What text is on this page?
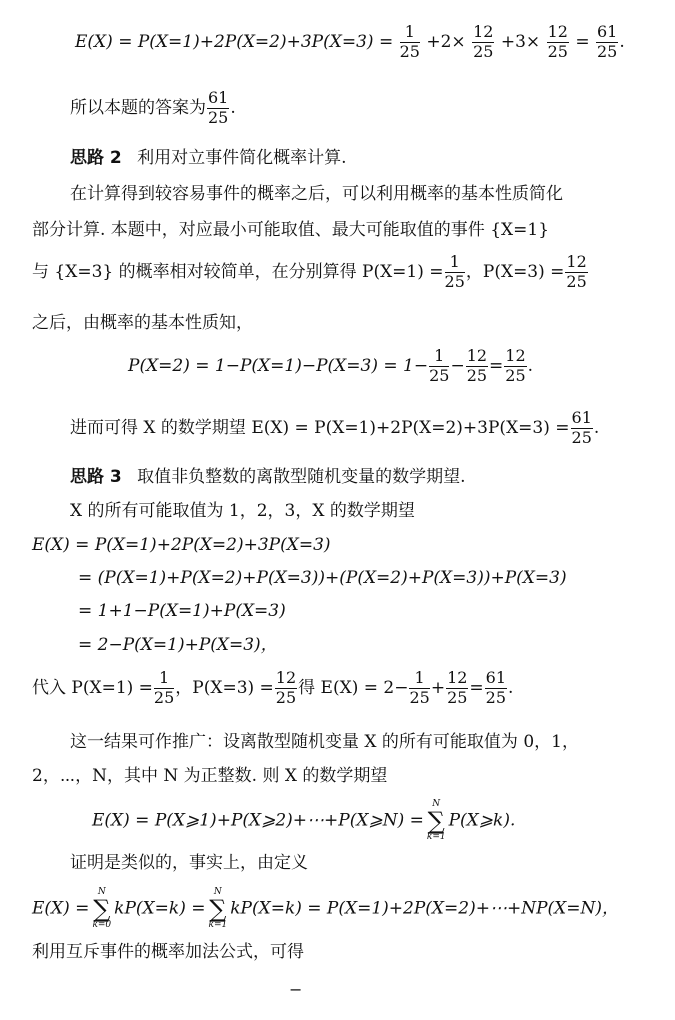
$E(X) = P(X=1)+2P(X=2)+3P(X=3) = \frac{1}{25} +2\times \frac{12}{25} +3\times \frac{12}{25} = \frac{61}{25}$ .
所以本题的答案为 $\frac{61}{25}$ .
思路 2 利用对立事件简化概率计算.
在计算得到较容易事件的概率之后，可以利用概率的基本性质简化
部分计算. 本题中，对应最小可能取值、最大可能取值的事件 {X=1}
与 {X=3} 的概率相对较简单，在分别算得 $P(X=1) = \frac{1}{25}$ ，$P(X=3) = \frac{12}{25}$
之后，由概率的基本性质知，
$P(X=2) = 1-P(X=1)-P(X=3) = 1- \frac{1}{25} - \frac{12}{25} = \frac{12}{25}$ .
进而可得 X 的数学期望 $E(X) = P(X=1)+2P(X=2)+3P(X=3) = \frac{61}{25}$ .
思路 3 取值非负整数的离散型随机变量的数学期望.
X 的所有可能取值为 1，2，3，X 的数学期望
E(X) = P(X=1)+2P(X=2)+3P(X=3)
= (P(X=1)+P(X=2)+P(X=3))+(P(X=2)+P(X=3))+P(X=3)
= 1+1−P(X=1)+P(X=3)
= 2−P(X=1)+P(X=3)，
代入 $P(X=1) = \frac{1}{25}$ ，$P(X=3) = \frac{12}{25}$ 得 $E(X) = 2- \frac{1}{25} + \frac{12}{25} = \frac{61}{25}$ .
这一结果可作推广：设离散型随机变量 X 的所有可能取值为 0，1，
2，⋯，N，其中 N 为正整数. 则 X 的数学期望
E(X) = P(X⩾1)+P(X⩾2)+⋯+P(X⩾N) =
N
∑
k=1
P(X⩾k).
证明是类似的，事实上，由定义
E(X) =
N
∑
k=0
kP(X=k) =
N
∑
k=1
kP(X=k) = P(X=1)+2P(X=2)+⋯+NP(X=N)，
利用互斥事件的概率加法公式，可得
−
